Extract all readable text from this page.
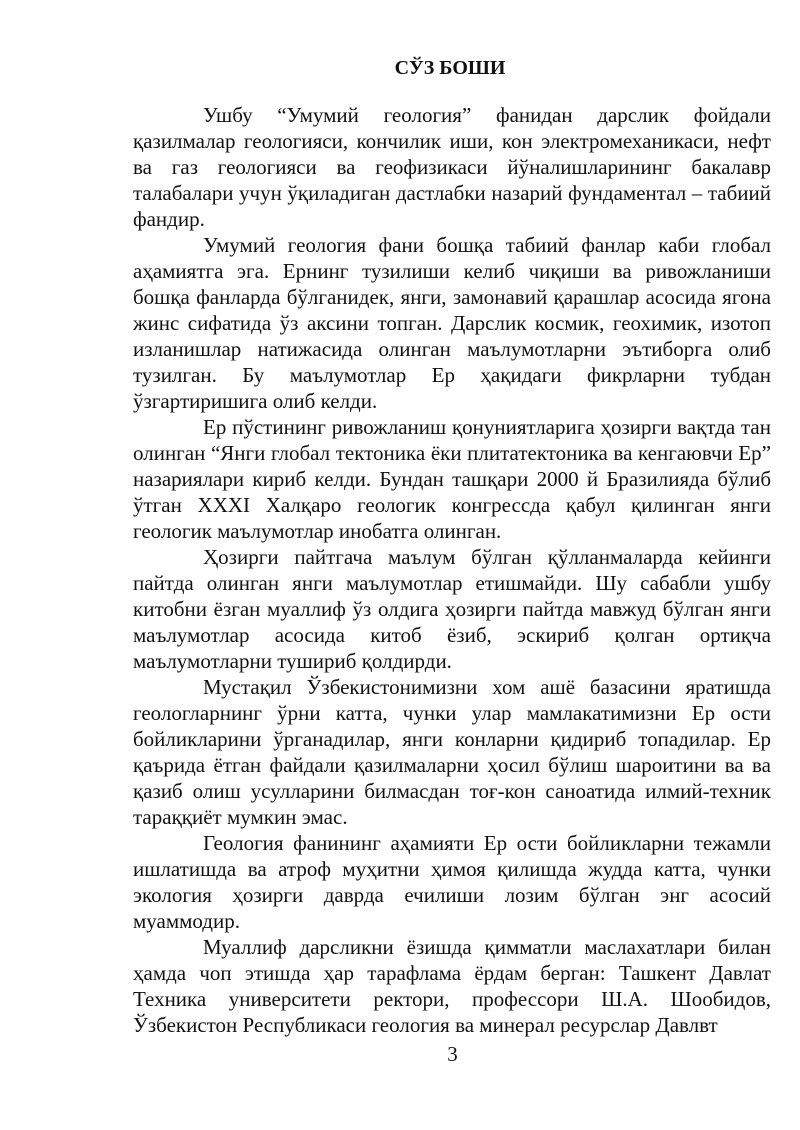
СЎЗ БОШИ

Ушбу “Умумий геология” фанидан дарслик фойдали қазилмалар геологияси, кончилик иши, кон электромеханикаси, нефт ва газ геологияси ва геофизикаси йўналишларининг бакалавр талабалари учун ўқиладиган дастлабки назарий фундаментал – табиий фандир.

Умумий геология фани бошқа табиий фанлар каби глобал аҳамиятга эга. Ернинг тузилиши келиб чиқиши ва ривожланиши бошқа фанларда бўлганидек, янги, замонавий қарашлар асосида ягона жинс сифатида ўз аксини топган. Дарслик космик, геохимик, изотоп изланишлар натижасида олинган маълумотларни эътиборга олиб тузилган. Бу маълумотлар Ер ҳақидаги фикрларни тубдан ўзгартиришига олиб келди.

Ер пўстининг ривожланиш қонуниятларига ҳозирги вақтда тан олинган “Янги глобал тектоника ёки плитатектоника ва кенгаювчи Ер” назариялари кириб келди. Бундан ташқари 2000 й Бразилияда бўлиб ўтган XXXI Халқаро геологик конгрессда қабул қилинган янги геологик маълумотлар инобатга олинган.

Ҳозирги пайтгача маълум бўлган қўлланмаларда кейинги пайтда олинган янги маълумотлар етишмайди. Шу сабабли ушбу китобни ёзган муаллиф ўз олдига ҳозирги пайтда мавжуд бўлган янги маълумотлар асосида китоб ёзиб, эскириб қолган ортиқча маълумотларни тушириб қолдирди.

Мустақил Ўзбекистонимизни хом ашё базасини яратишда геологларнинг ўрни катта, чунки улар мамлакатимизни Ер ости бойликларини ўрганадилар, янги конларни қидириб топадилар. Ер қаърида ётган файдали қазилмаларни ҳосил бўлиш шароитини ва ва қазиб олиш усулларини билмасдан тоғ-кон саноатида илмий-техник тараққиёт мумкин эмас.

Геология фанининг аҳамияти Ер ости бойликларни тежамли ишлатишда ва атроф муҳитни ҳимоя қилишда жудда катта, чунки экология ҳозирги даврда ечилиши лозим бўлган энг асосий муаммодир.

Муаллиф дарсликни ёзишда қимматли маслахатлари билан ҳамда чоп этишда ҳар тарафлама ёрдам берган: Ташкент Давлат Техника университети ректори, профессори Ш.А. Шообидов, Ўзбекистон Республикаси геология ва минерал ресурслар Давлвт

3
